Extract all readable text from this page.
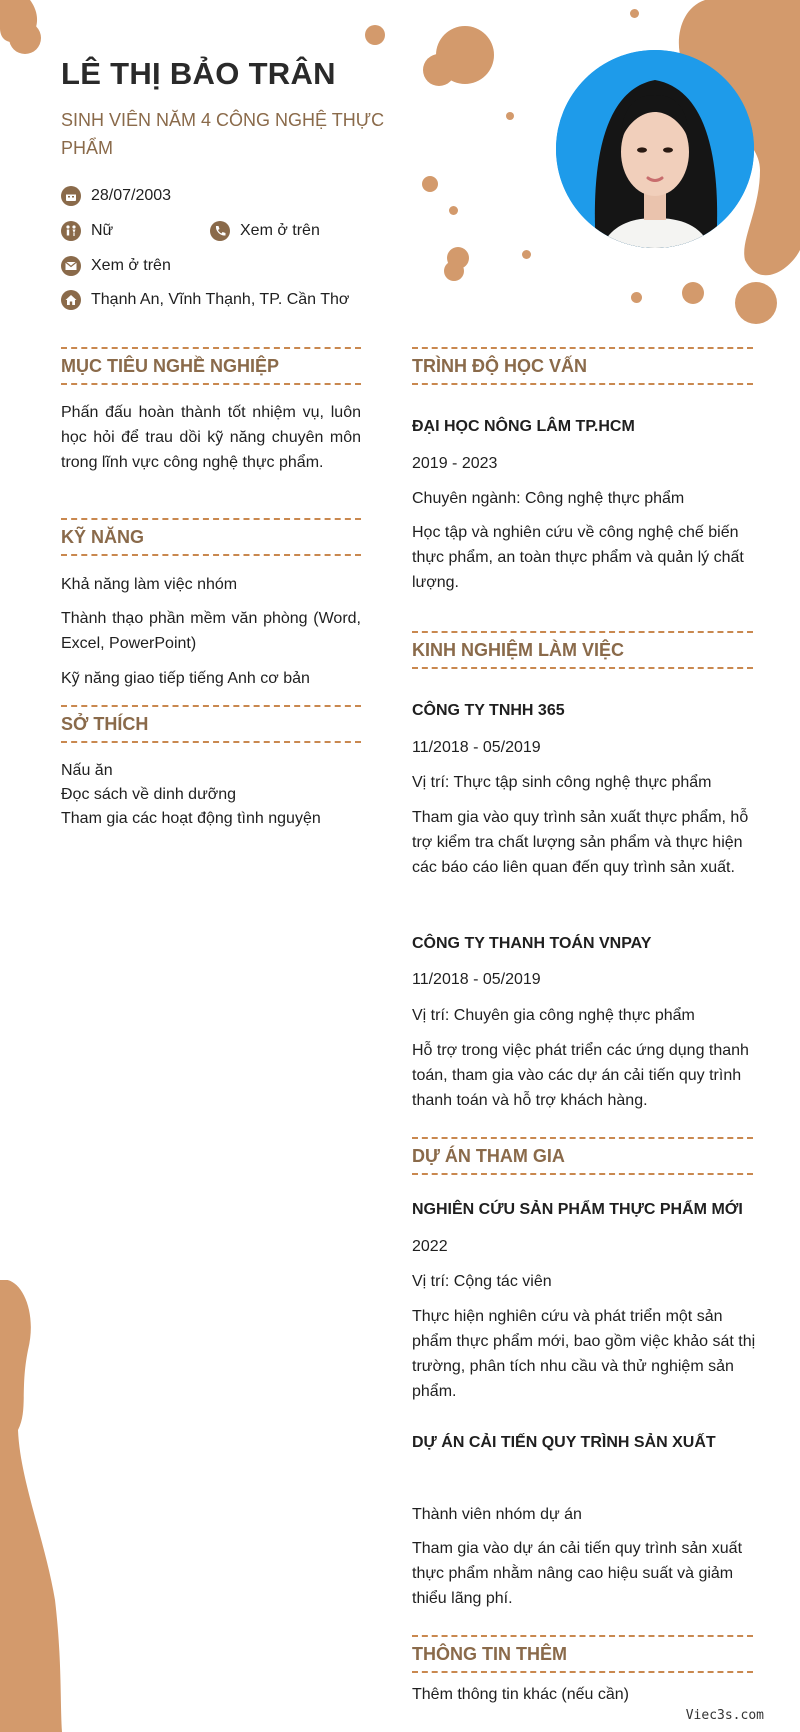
LÊ THỊ BẢO TRÂN
SINH VIÊN NĂM 4 CÔNG NGHỆ THỰC PHẨM
28/07/2003
Nữ	Xem ở trên
Xem ở trên
Thạnh An, Vĩnh Thạnh, TP. Cần Thơ
MỤC TIÊU NGHỀ NGHIỆP
Phấn đấu hoàn thành tốt nhiệm vụ, luôn học hỏi để trau dồi kỹ năng chuyên môn trong lĩnh vực công nghệ thực phẩm.
KỸ NĂNG
Khả năng làm việc nhóm
Thành thạo phần mềm văn phòng (Word, Excel, PowerPoint)
Kỹ năng giao tiếp tiếng Anh cơ bản
SỞ THÍCH
Nấu ăn
Đọc sách về dinh dưỡng
Tham gia các hoạt động tình nguyện
TRÌNH ĐỘ HỌC VẤN
ĐẠI HỌC NÔNG LÂM TP.HCM
2019 - 2023
Chuyên ngành: Công nghệ thực phẩm
Học tập và nghiên cứu về công nghệ chế biến thực phẩm, an toàn thực phẩm và quản lý chất lượng.
KINH NGHIỆM LÀM VIỆC
CÔNG TY TNHH 365
11/2018 - 05/2019
Vị trí: Thực tập sinh công nghệ thực phẩm
Tham gia vào quy trình sản xuất thực phẩm, hỗ trợ kiểm tra chất lượng sản phẩm và thực hiện các báo cáo liên quan đến quy trình sản xuất.
CÔNG TY THANH TOÁN VNPAY
11/2018 - 05/2019
Vị trí: Chuyên gia công nghệ thực phẩm
Hỗ trợ trong việc phát triển các ứng dụng thanh toán, tham gia vào các dự án cải tiến quy trình thanh toán và hỗ trợ khách hàng.
DỰ ÁN THAM GIA
NGHIÊN CỨU SẢN PHẨM THỰC PHẨM MỚI
2022
Vị trí: Cộng tác viên
Thực hiện nghiên cứu và phát triển một sản phẩm thực phẩm mới, bao gồm việc khảo sát thị trường, phân tích nhu cầu và thử nghiệm sản phẩm.
DỰ ÁN CẢI TIẾN QUY TRÌNH SẢN XUẤT
Thành viên nhóm dự án
Tham gia vào dự án cải tiến quy trình sản xuất thực phẩm nhằm nâng cao hiệu suất và giảm thiểu lãng phí.
THÔNG TIN THÊM
Thêm thông tin khác (nếu cần)
Viec3s.com
